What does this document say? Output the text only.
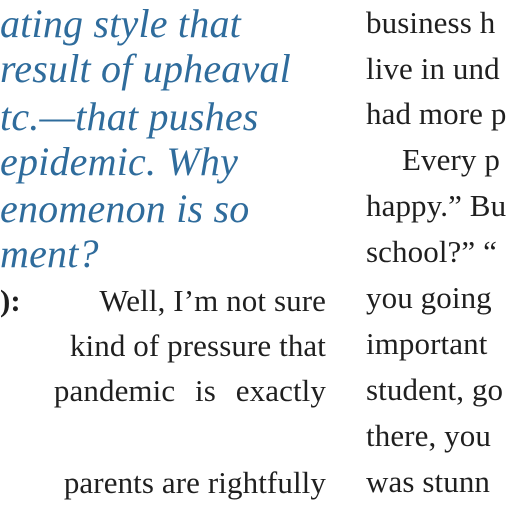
ating style that
result of upheaval
tc.—that pushes
epidemic. Why
enomenon is so
ment?
):	Well, I’m not sure
kind of pressure that
pandemic is exactly
parents are rightfully
business h
live in und
had more p
Every p
happy.” Bu
school?” “
you going
important
student, go
there, you
was stunn
